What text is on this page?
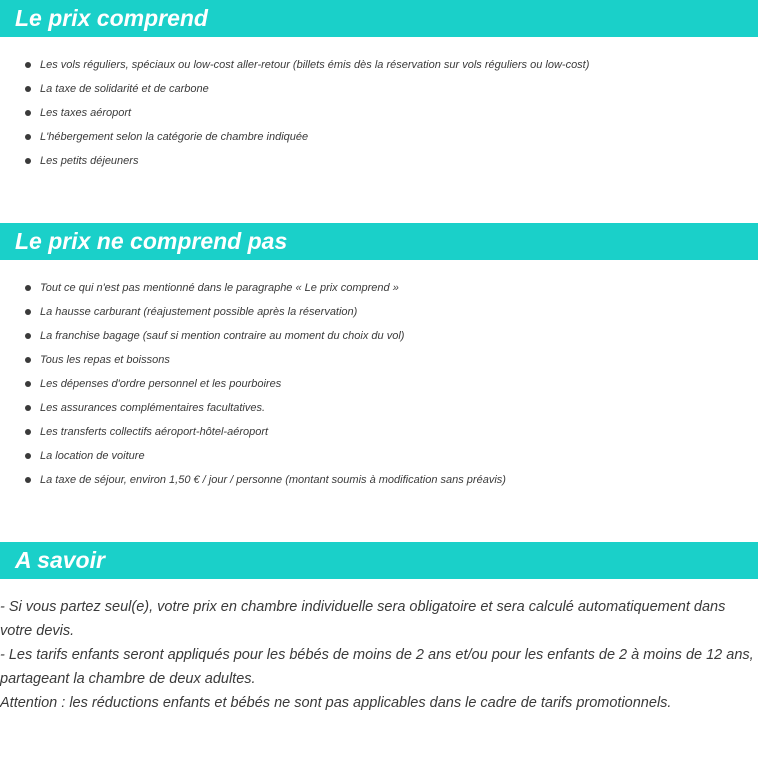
Le prix comprend
Les vols réguliers, spéciaux ou low-cost aller-retour (billets émis dès la réservation sur vols réguliers ou low-cost)
La taxe de solidarité et de carbone
Les taxes aéroport
L'hébergement selon la catégorie de chambre indiquée
Les petits déjeuners
Le prix ne comprend pas
Tout ce qui n'est pas mentionné dans le paragraphe « Le prix comprend »
La hausse carburant (réajustement possible après la réservation)
La franchise bagage (sauf si mention contraire au moment du choix du vol)
Tous les repas et boissons
Les dépenses d'ordre personnel et les pourboires
Les assurances complémentaires facultatives.
Les transferts collectifs aéroport-hôtel-aéroport
La location de voiture
La taxe de séjour, environ 1,50 € / jour / personne (montant soumis à modification sans préavis)
A savoir

- Si vous partez seul(e), votre prix en chambre individuelle sera obligatoire et sera calculé automatiquement dans votre devis.

- Les tarifs enfants seront appliqués pour les bébés de moins de 2 ans et/ou pour les enfants de 2 à moins de 12 ans, partageant la chambre de deux adultes.

Attention : les réductions enfants et bébés ne sont pas applicables dans le cadre de tarifs promotionnels.
